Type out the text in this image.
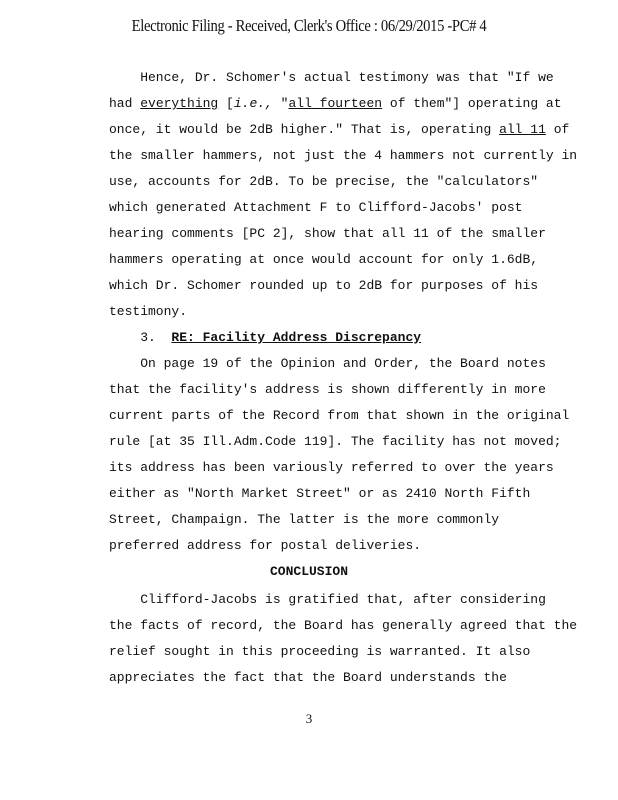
Electronic Filing - Received, Clerk's Office : 06/29/2015 -PC# 4
Hence, Dr. Schomer's actual testimony was that "If we
had everything [i.e., "all fourteen of them"] operating at
once, it would be 2dB higher." That is, operating all 11 of
the smaller hammers, not just the 4 hammers not currently in
use, accounts for 2dB. To be precise, the "calculators"
which generated Attachment F to Clifford-Jacobs' post
hearing comments [PC 2], show that all 11 of the smaller
hammers operating at once would account for only 1.6dB,
which Dr. Schomer rounded up to 2dB for purposes of his
testimony.
3.  RE: Facility Address Discrepancy
On page 19 of the Opinion and Order, the Board notes
that the facility's address is shown differently in more
current parts of the Record from that shown in the original
rule [at 35 Ill.Adm.Code 119]. The facility has not moved;
its address has been variously referred to over the years
either as "North Market Street" or as 2410 North Fifth
Street, Champaign. The latter is the more commonly
preferred address for postal deliveries.
CONCLUSION
Clifford-Jacobs is gratified that, after considering
the facts of record, the Board has generally agreed that the
relief sought in this proceeding is warranted. It also
appreciates the fact that the Board understands the
3
